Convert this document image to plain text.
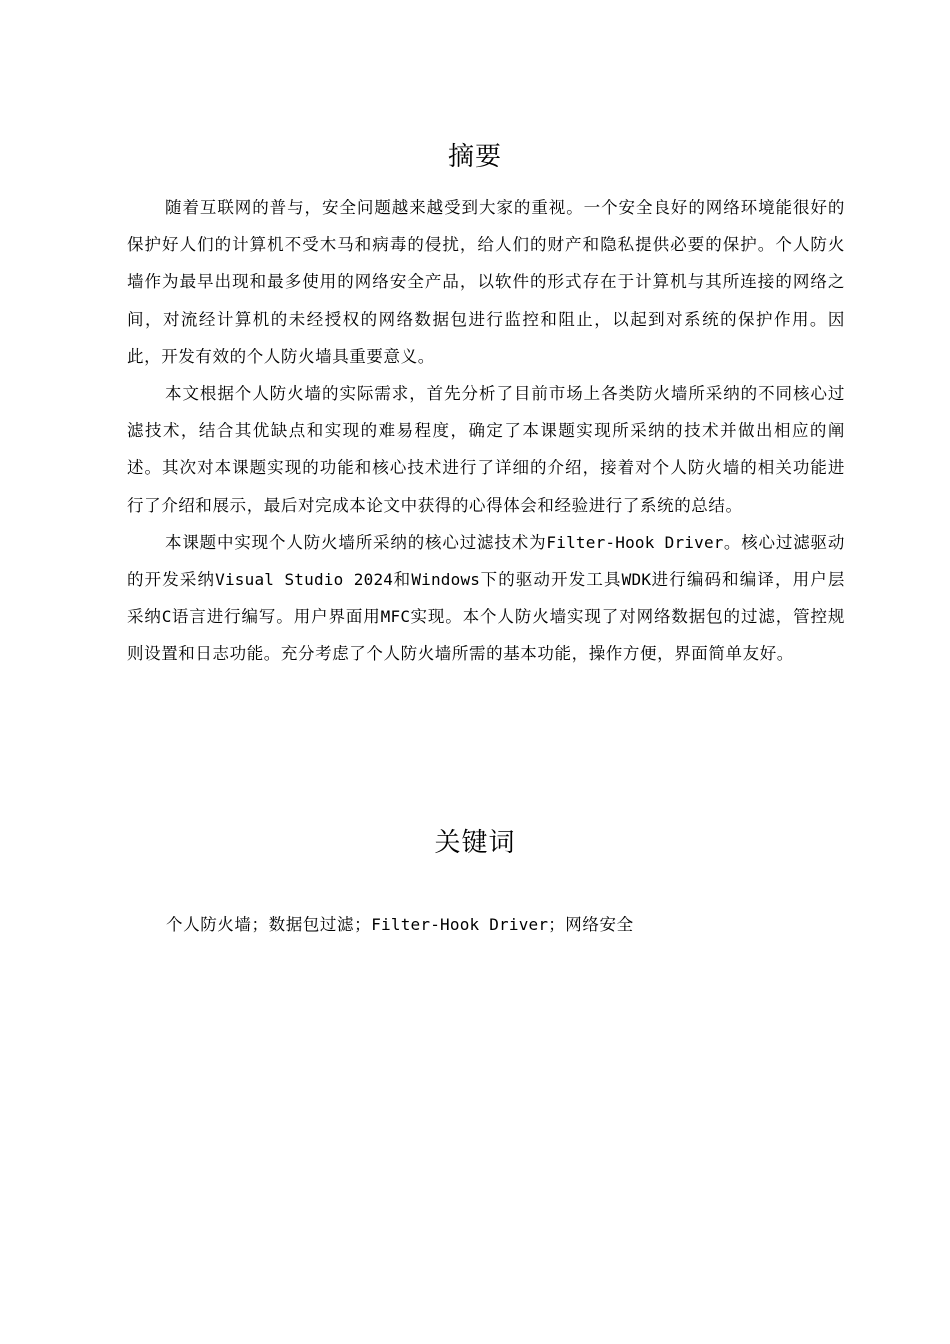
摘要

随着互联网的普与，安全问题越来越受到大家的重视。一个安全良好的网络环境能很好的保护好人们的计算机不受木马和病毒的侵扰，给人们的财产和隐私提供必要的保护。个人防火墙作为最早出现和最多使用的网络安全产品，以软件的形式存在于计算机与其所连接的网络之间，对流经计算机的未经授权的网络数据包进行监控和阻止，以起到对系统的保护作用。因此，开发有效的个人防火墙具重要意义。

本文根据个人防火墙的实际需求，首先分析了目前市场上各类防火墙所采纳的不同核心过滤技术，结合其优缺点和实现的难易程度，确定了本课题实现所采纳的技术并做出相应的阐述。其次对本课题实现的功能和核心技术进行了详细的介绍，接着对个人防火墙的相关功能进行了介绍和展示，最后对完成本论文中获得的心得体会和经验进行了系统的总结。

本课题中实现个人防火墙所采纳的核心过滤技术为Filter-Hook Driver。核心过滤驱动的开发采纳Visual Studio 2024和Windows下的驱动开发工具WDK进行编码和编译，用户层采纳C语言进行编写。用户界面用MFC实现。本个人防火墙实现了对网络数据包的过滤，管控规则设置和日志功能。充分考虑了个人防火墙所需的基本功能，操作方便，界面简单友好。

关键词

个人防火墙；数据包过滤；Filter-Hook Driver；网络安全
